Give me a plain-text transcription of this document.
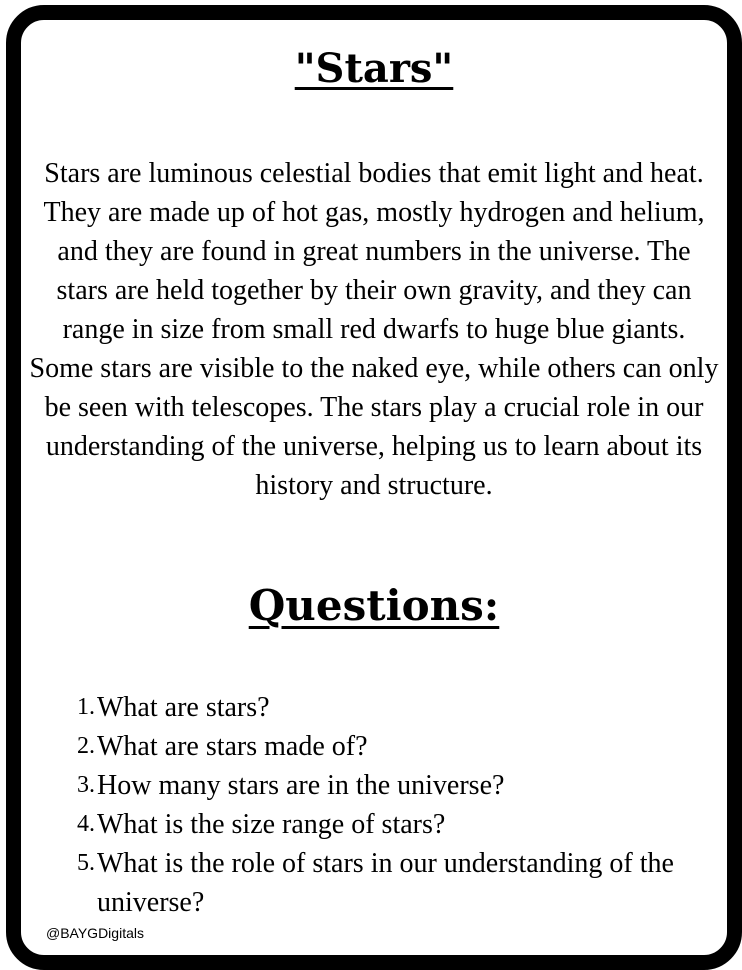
"Stars"

Stars are luminous celestial bodies that emit light and heat. They are made up of hot gas, mostly hydrogen and helium, and they are found in great numbers in the universe. The stars are held together by their own gravity, and they can range in size from small red dwarfs to huge blue giants. Some stars are visible to the naked eye, while others can only be seen with telescopes. The stars play a crucial role in our understanding of the universe, helping us to learn about its history and structure.

Questions:
1. What are stars?
2. What are stars made of?
3. How many stars are in the universe?
4. What is the size range of stars?
5. What is the role of stars in our understanding of the universe?

@BAYGDigitals
